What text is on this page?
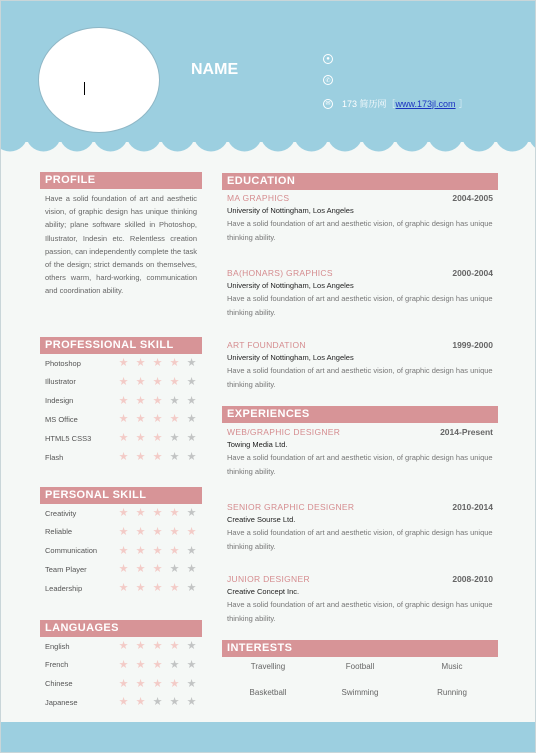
NAME
●
✆
✉ 173 简历网［ www.173jl.com ］
PROFILE
Have a solid foundation of art and aesthetic vision, of graphic design has unique thinking ability; plane software skilled in Photoshop, Illustrator, Indesin etc. Relentless creation passion, can independently complete the task of the design; strict demands on themselves, others warm, hard-working, communication and coordination ability.
PROFESSIONAL SKILL
Photoshop	★ ★ ★ ★ ★
Illustrator	★ ★ ★ ★ ★
Indesign	★ ★ ★ ★ ★
MS Office	★ ★ ★ ★ ★
HTML5 CSS3	★ ★ ★ ★ ★
Flash	★ ★ ★ ★ ★
PERSONAL SKILL
Creativity	★ ★ ★ ★ ★
Reliable	★ ★ ★ ★ ★
Communication	★ ★ ★ ★ ★
Team Player	★ ★ ★ ★ ★
Leadership	★ ★ ★ ★ ★
LANGUAGES
English	★ ★ ★ ★ ★
French	★ ★ ★ ★ ★
Chinese	★ ★ ★ ★ ★
Japanese	★ ★ ★ ★ ★
EDUCATION
MA GRAPHICS	2004-2005
University of Nottingham, Los Angeles
Have a solid foundation of art and aesthetic vision, of graphic design has unique thinking ability.
BA(HONARS) GRAPHICS	2000-2004
University of Nottingham, Los Angeles
Have a solid foundation of art and aesthetic vision, of graphic design has unique thinking ability.
ART FOUNDATION	1999-2000
University of Nottingham, Los Angeles
Have a solid foundation of art and aesthetic vision, of graphic design has unique thinking ability.
EXPERIENCES
WEB/GRAPHIC DESIGNER	2014-Present
Towing Media Ltd.
Have a solid foundation of art and aesthetic vision, of graphic design has unique thinking ability.
SENIOR GRAPHIC DESIGNER	2010-2014
Creative Sourse Ltd.
Have a solid foundation of art and aesthetic vision, of graphic design has unique thinking ability.
JUNIOR DESIGNER	2008-2010
Creative Concept Inc.
Have a solid foundation of art and aesthetic vision, of graphic design has unique thinking ability.
INTERESTS
Travelling	Football	Music
Basketball	Swimming	Running
